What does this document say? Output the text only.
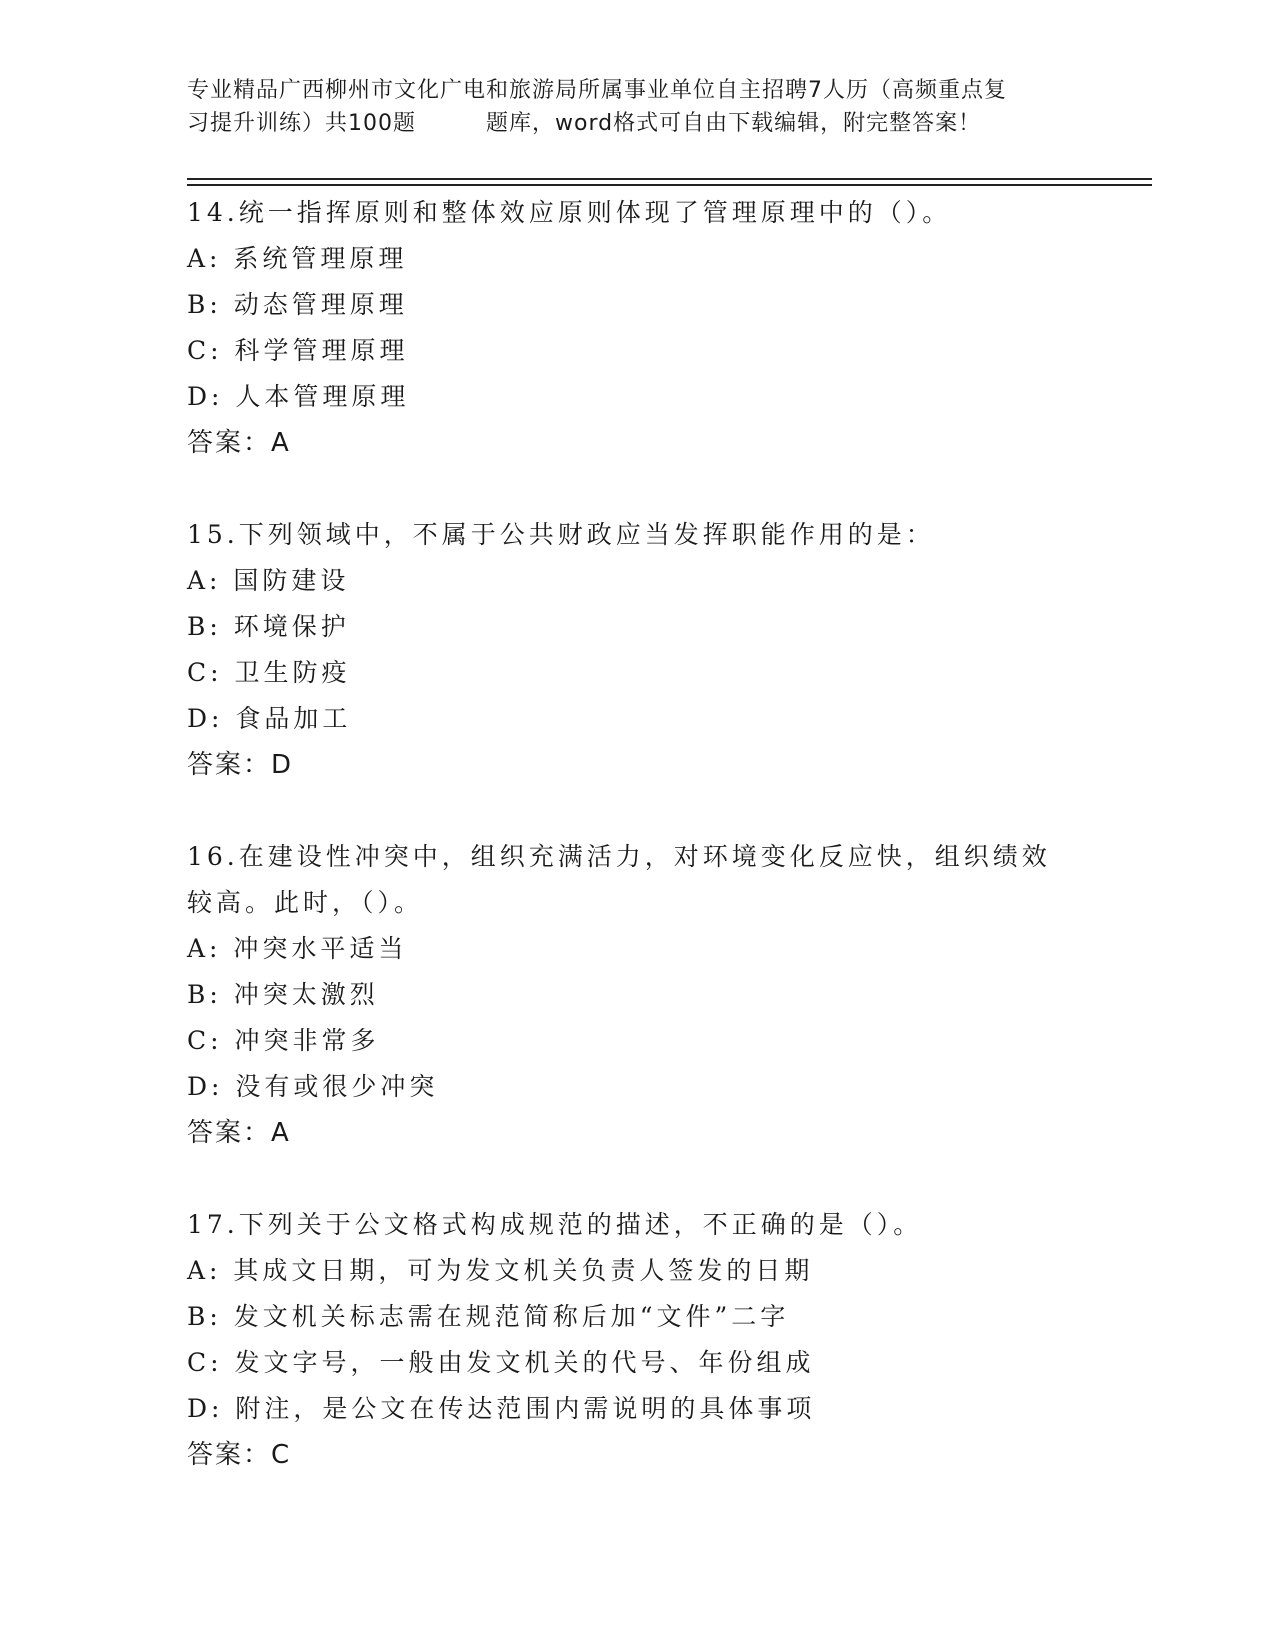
专业精品广西柳州市文化广电和旅游局所属事业单位自主招聘7人历（高频重点复
习提升训练）共100题	题库，word格式可自由下载编辑，附完整答案！

14.统一指挥原则和整体效应原则体现了管理原理中的（）。

A: 系统管理原理

B: 动态管理原理

C: 科学管理原理

D: 人本管理原理

答案：A

15.下列领域中，不属于公共财政应当发挥职能作用的是：

A: 国防建设

B: 环境保护

C: 卫生防疫

D: 食品加工

答案：D

16.在建设性冲突中，组织充满活力，对环境变化反应快，组织绩效较高。此时，（）。

A: 冲突水平适当

B: 冲突太激烈

C: 冲突非常多

D: 没有或很少冲突

答案：A

17.下列关于公文格式构成规范的描述，不正确的是（）。

A: 其成文日期，可为发文机关负责人签发的日期

B: 发文机关标志需在规范简称后加“文件”二字

C: 发文字号，一般由发文机关的代号、年份组成

D: 附注，是公文在传达范围内需说明的具体事项

答案：C
